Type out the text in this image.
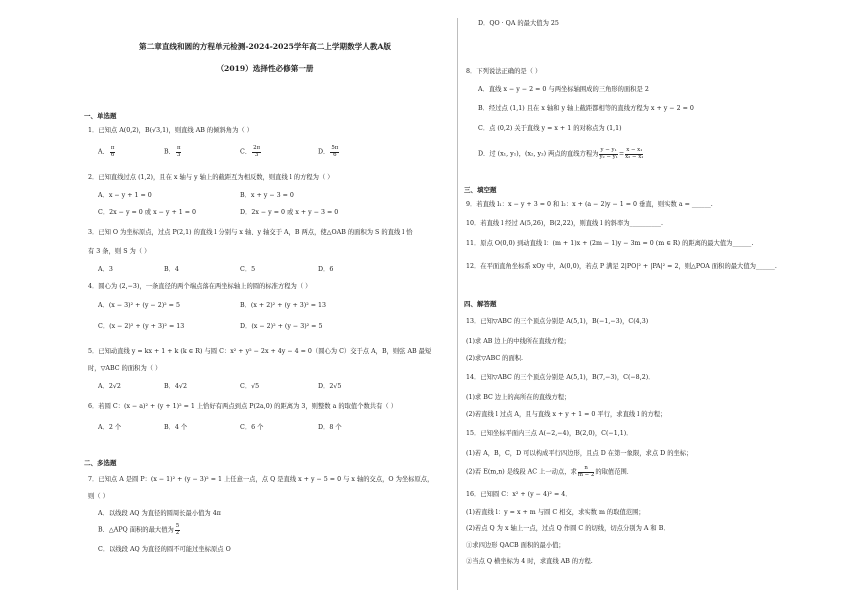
第二章直线和圆的方程单元检测-2024-2025学年高二上学期数学人教A版
（2019）选择性必修第一册
一、单选题
1．已知点 A(0,2)，B(√3,1)，则直线 AB 的倾斜角为（ ）
A． $\frac{\pi}{6}$	B． $\frac{\pi}{3}$	C． $\frac{2\pi}{3}$	D． $\frac{5\pi}{6}$
2．已知直线过点 (1,2)，且在 x 轴与 y 轴上的截距互为相反数，则直线 l 的方程为（ ）
A．x − y + 1 = 0	B．x + y − 3 = 0
C．2x − y = 0 或 x − y + 1 = 0	D．2x − y = 0 或 x + y − 3 = 0
3．已知 O 为坐标原点，过点 P(2,1) 的直线 l 分别与 x 轴、y 轴交于 A，B 两点，使△OAB 的面积为 S 的直线 l 恰
有 3 条，则 S 为（ ）
A．3	B．4	C．5	D．6
4．圆心为 (2,−3)，一条直径的两个端点落在两坐标轴上的圆的标准方程为（ ）
A．(x − 3)² + (y − 2)² = 5	B．(x + 2)² + (y + 3)² = 13
C．(x − 2)² + (y + 3)² = 13	D．(x − 2)² + (y − 3)² = 5
5．已知动直线 y = kx + 1 + k (k ∈ R) 与圆 C：x² + y² − 2x + 4y − 4 = 0（圆心为 C）交于点 A，B，则弦 AB 最短
时，▽ABC 的面积为（ ）
A．2√2	B．4√2	C．√5	D．2√5
6．若圆 C：(x − a)² + (y + 1)² = 1 上恰好有两点到点 P(2a,0) 的距离为 3，则整数 a 的取值个数共有（ ）
A．2 个	B．4 个	C．6 个	D．8 个
二、多选题
7．已知点 A 是圆 P：(x − 1)² + (y − 3)² = 1 上任意一点，点 Q 是直线 x + y − 5 = 0 与 x 轴的交点，O 为坐标原点，
则（ ）
A．以线段 AQ 为直径的圆周长最小值为 4π
B．△APQ 面积的最大值为 $\frac{5}{2}$
C．以线段 AQ 为直径的圆不可能过坐标原点 O
D．QO · QA 的最大值为 25
8．下列说法正确的是（ ）
A．直线 x − y − 2 = 0 与两坐标轴围成的三角形的面积是 2
B．经过点 (1,1) 且在 x 轴和 y 轴上截距都相等的直线方程为 x + y − 2 = 0
C．点 (0,2) 关于直线 y = x + 1 的对称点为 (1,1)
D．过 (x₁, y₁)，(x₂, y₂) 两点的直线方程为 $\frac{\text{y − y₁}}{\text{y₂ − y₁}} = \frac{\text{x − x₁}}{\text{x₂ − x₁}}$
三、填空题
9．若直线 l₁：x − y + 3 = 0 和 l₂：x + (a − 2)y − 1 = 0 垂直，则实数 a = ______.
10．若直线 l 经过 A(5,26)，B(2,22)，则直线 l 的斜率为__________.
11．原点 O(0,0) 到动直线 l：(m + 1)x + (2m − 1)y − 3m = 0 (m ∈ R) 的距离的最大值为______.
12．在平面直角坐标系 xOy 中，A(0,0)，若点 P 满足 2|PO|² + |PA|² = 2，则△POA 面积的最大值为______.
四、解答题
13．已知▽ABC 的三个顶点分别是 A(5,1)，B(−1,−3)，C(4,3)
(1)求 AB 边上的中线所在直线方程；
(2)求▽ABC 的面积.
14．已知▽ABC 的三个顶点分别是 A(5,1)，B(7,−3)，C(−8,2)．
(1)求 BC 边上的高所在的直线方程；
(2)若直线 l 过点 A，且与直线 x + y + 1 = 0 平行，求直线 l 的方程；
15．已知坐标平面内三点 A(−2,−4)，B(2,0)，C(−1,1)．
(1)若 A，B，C，D 可以构成平行四边形，且点 D 在第一象限，求点 D 的坐标；
(2)若 E(m,n) 是线段 AC 上一动点，求 $\frac{n}{m - 2}$ 的取值范围．
16．已知圆 C：x² + (y − 4)² = 4．
(1)若直线 l：y = x + m 与圆 C 相交，求实数 m 的取值范围；
(2)若点 Q 为 x 轴上一点，过点 Q 作圆 C 的切线，切点分别为 A 和 B．
①求四边形 QACB 面积的最小值；
②当点 Q 横坐标为 4 时，求直线 AB 的方程.
